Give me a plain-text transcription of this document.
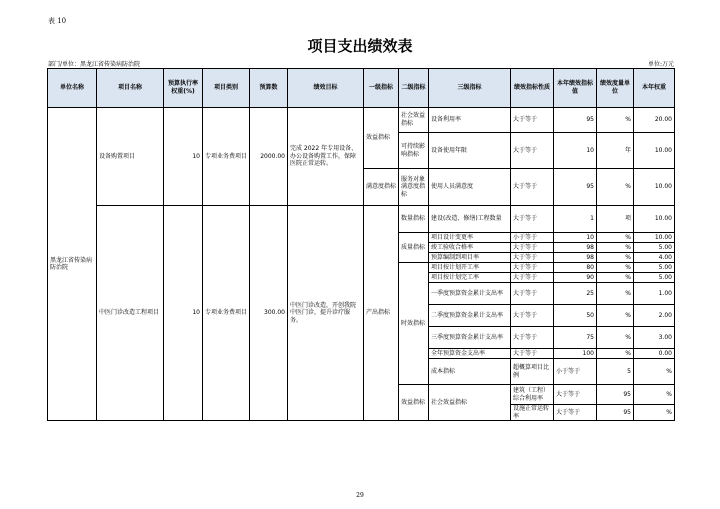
表 10
项目支出绩效表
部门/单位：黑龙江省传染病防治院	单位:万元
单位名称	项目名称	预算执行率权重(%)	项目类别	预算数	绩效目标	一级指标	二级指标	三级指标	绩效指标性质	本年绩效指标值	绩效度量单位	本年权重	
黑龙江省传染病防治院	设备购置项目	10	专项业务费项目	2000.00	完成 2022 年专用设备、办公设备购置工作，保障医院正常运转。	效益指标	社会效益指标	设备利用率	大于等于	95	%	20.00	
							可持续影响指标	设备使用年限	大于等于	10	年	10.00	
						满意度指标	服务对象满意度指标	使用人员满意度	大于等于	95	%	10.00	
	中医门诊改造工程项目	10	专项业务费项目	300.00	中医门诊改造，开创我院中医门诊，提升诊疗服务。	产出指标	数量指标	建设(改造、修缮)工程数量	大于等于	1	项	10.00	
							质量指标	项目设计变更率	小于等于	10	%	10.00	
								竣工验收合格率	大于等于	98	%	5.00	
								预算编制到项目率	大于等于	98	%	4.00	
							时效指标	项目按计划开工率	大于等于	80	%	5.00	
								项目按计划完工率	大于等于	90	%	5.00	
								一季度预算资金累计支出率	大于等于	25	%	1.00	
								二季度预算资金累计支出率	大于等于	50	%	2.00	
								三季度预算资金累计支出率	大于等于	75	%	3.00	
								全年预算资金支出率	大于等于	100	%	0.00	
								成本指标	超概算项目比例	小于等于	5	%	
							效益指标	社会效益指标	建筑（工程）综合利用率	大于等于	95	%	
									设施正常运转率	大于等于	95	%	
29
